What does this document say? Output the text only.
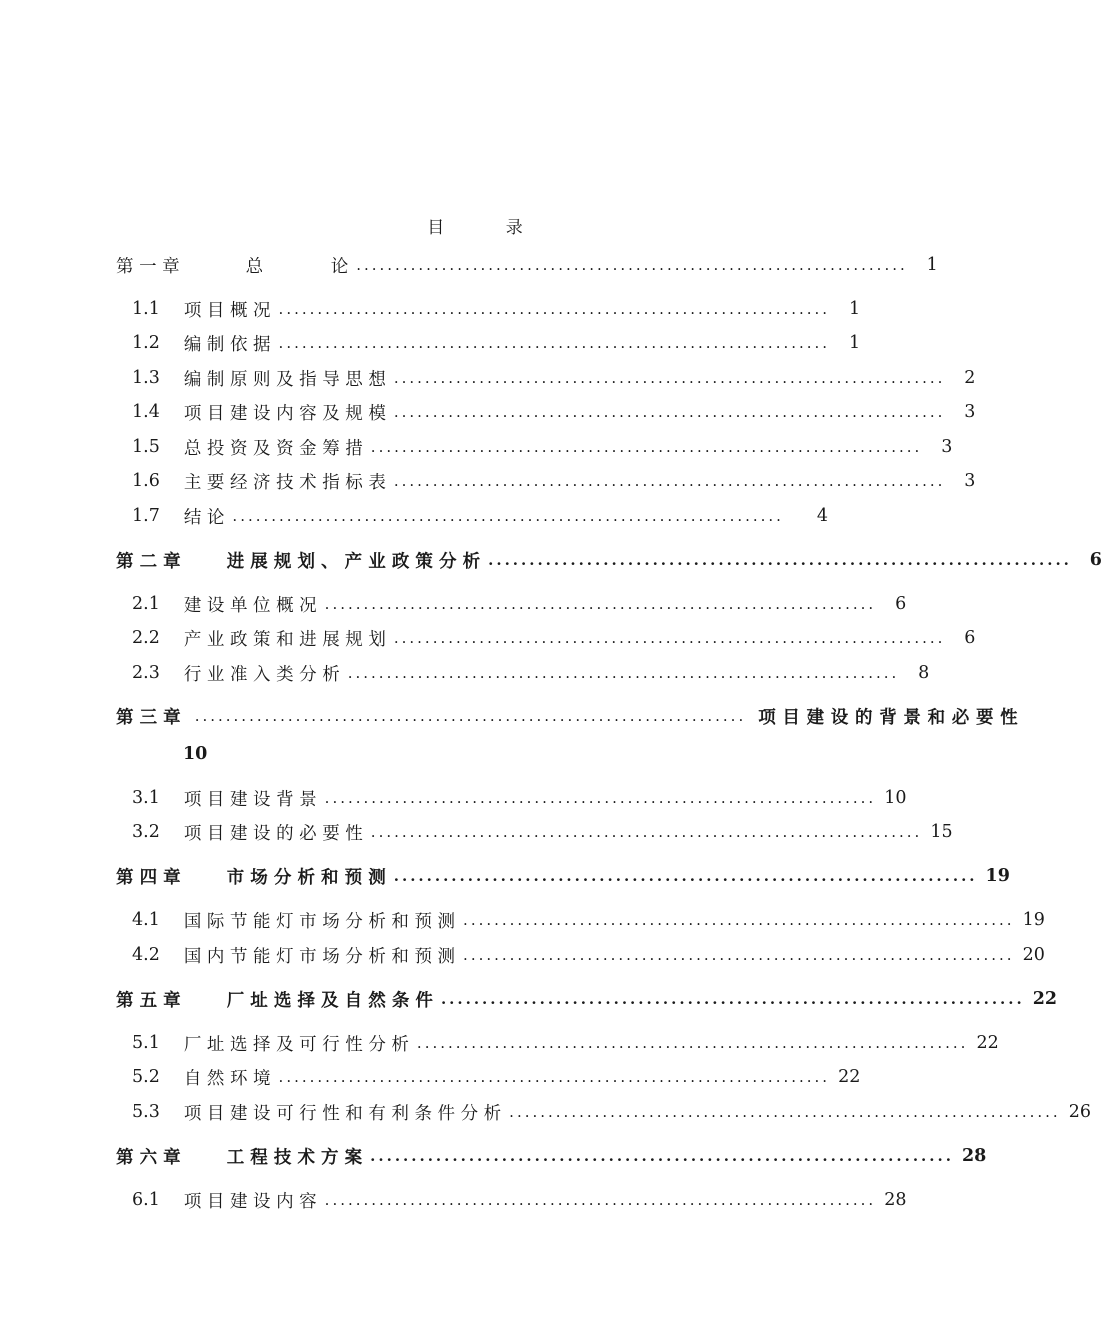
目 录
第 一 章	总 论 .......................................................................	1
1.1 项 目 概 况 .......................................................................	1
1.2 编 制 依 据 .......................................................................	1
1.3 编 制 原 则 及 指 导 思 想 .......................................................................	2
1.4 项 目 建 设 内 容 及 规 模 .......................................................................	3
1.5 总 投 资 及 资 金 筹 措 .......................................................................	3
1.6 主 要 经 济 技 术 指 标 表 .......................................................................	3
1.7 结 论 .......................................................................	4
第 二 章	进 展 规 划 、 产 业 政 策 分 析 .......................................................................	6
2.1 建 设 单 位 概 况 .......................................................................	6
2.2 产 业 政 策 和 进 展 规 划 .......................................................................	6
2.3 行 业 准 入 类 分 析 .......................................................................	8
第 三 章 ....................................................................... 项 目 建 设 的 背 景 和 必 要 性
10
3.1 项 目 建 设 背 景 ....................................................................... 10
3.2 项 目 建 设 的 必 要 性 ....................................................................... 15
第 四 章	市 场 分 析 和 预 测 ....................................................................... 19
4.1 国 际 节 能 灯 市 场 分 析 和 预 测 ....................................................................... 19
4.2 国 内 节 能 灯 市 场 分 析 和 预 测 ....................................................................... 20
第 五 章	厂 址 选 择 及 自 然 条 件 ....................................................................... 22
5.1 厂 址 选 择 及 可 行 性 分 析 ....................................................................... 22
5.2 自 然 环 境 ....................................................................... 22
5.3 项 目 建 设 可 行 性 和 有 利 条 件 分 析 ....................................................................... 26
第 六 章	工 程 技 术 方 案 ....................................................................... 28
6.1 项 目 建 设 内 容 ....................................................................... 28
